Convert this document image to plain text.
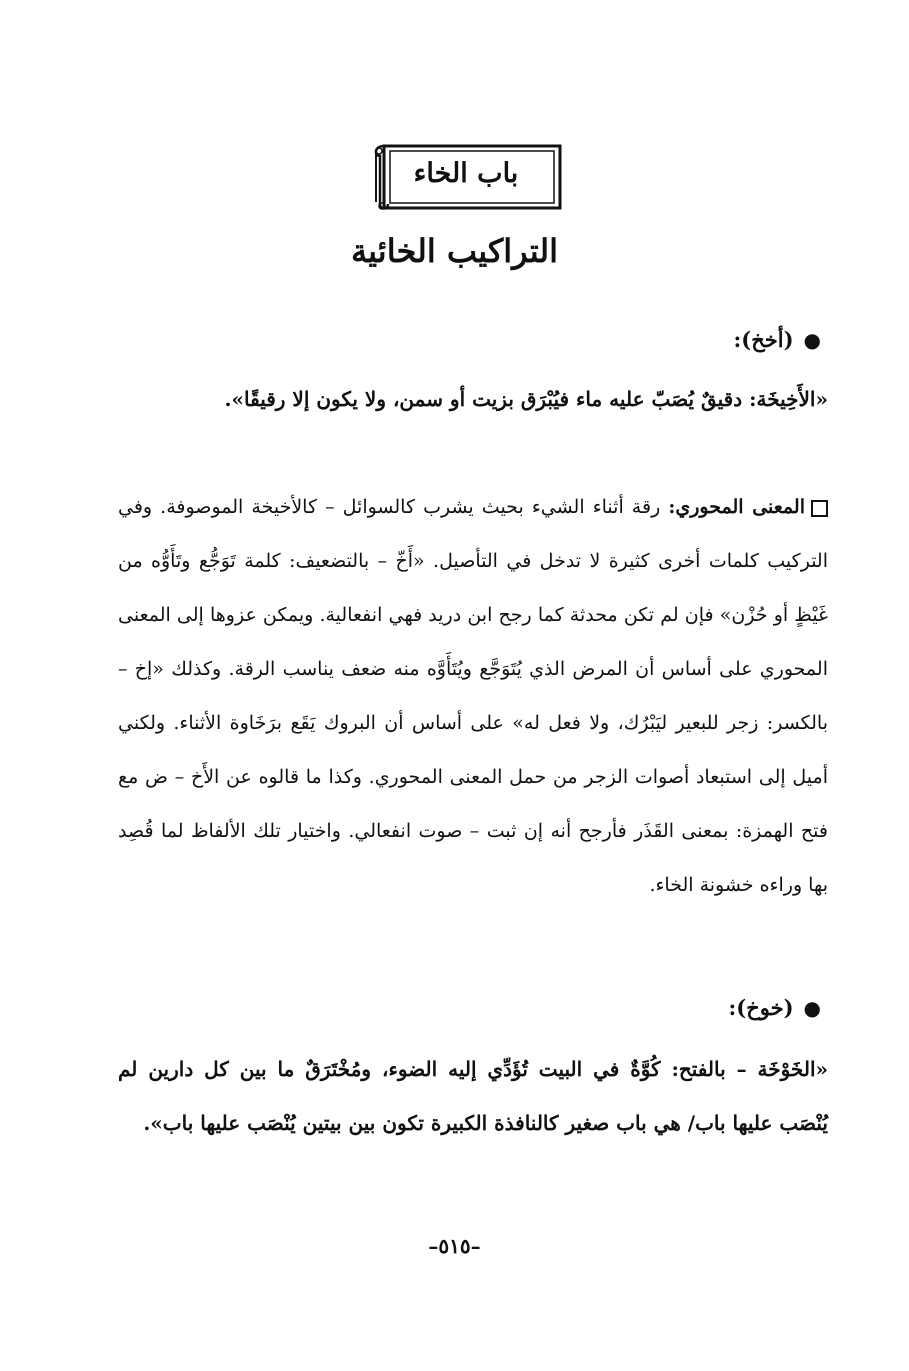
باب الخاء
التراكيب الخائية
●(أخخ):

«الأَخِيخَة: دقيقٌ يُصَبّ عليه ماء فيُبْرَق بزيت أو سمن، ولا يكون إلا رقيقًا».

المعنى المحوري: رقة أثناء الشيء بحيث يشرب كالسوائل – كالأخيخة الموصوفة. وفي التركيب كلمات أخرى كثيرة لا تدخل في التأصيل. «أَخّ – بالتضعيف: كلمة تَوَجُّع وتَأَوُّه من غَيْظٍ أو حُزْن» فإن لم تكن محدثة كما رجح ابن دريد فهي انفعالية. ويمكن عزوها إلى المعنى المحوري على أساس أن المرض الذي يُتَوَجَّع ويُتَأَوَّه منه ضعف يناسب الرقة. وكذلك «إخ – بالكسر: زجر للبعير ليَبْرُك، ولا فعل له» على أساس أن البروك يَقَع برَخَاوة الأثناء. ولكني أميل إلى استبعاد أصوات الزجر من حمل المعنى المحوري. وكذا ما قالوه عن الأَخ – ض مع فتح الهمزة: بمعنى القَذَر فأرجح أنه إن ثبت – صوت انفعالي. واختيار تلك الألفاظ لما قُصِد بها وراءه خشونة الخاء.

●(خوخ):

«الخَوْخَة – بالفتح: كُوَّةٌ في البيت تُؤَدِّي إليه الضوء، ومُخْتَرَقٌ ما بين كل دارين لم يُنْصَب عليها باب/ هي باب صغير كالنافذة الكبيرة تكون بين بيتين يُنْصَب عليها باب».

–٥١٥–
